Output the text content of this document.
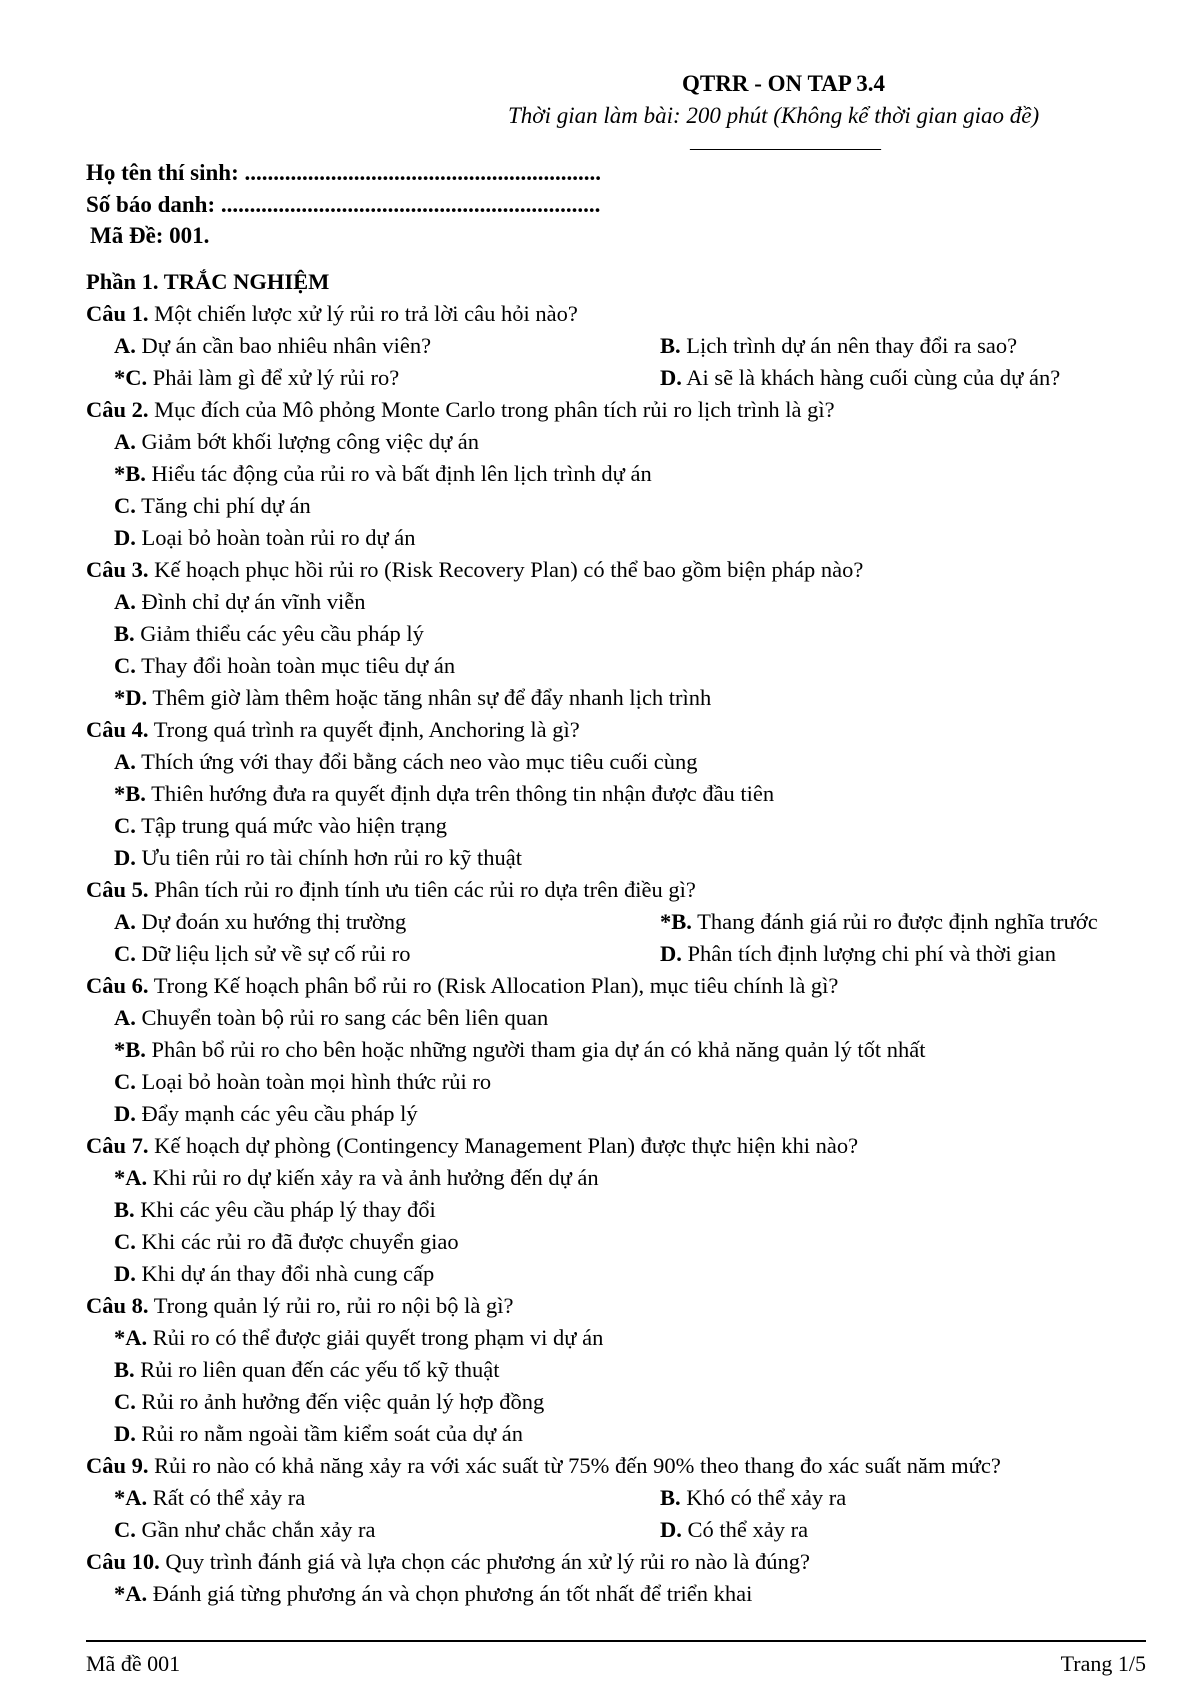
QTRR - ON TAP 3.4
Thời gian làm bài: 200 phút (Không kể thời gian giao đề)
——————————
Họ tên thí sinh: ..............................................................
Số báo danh: ..................................................................
Mã Đề: 001.
Phần 1. TRẮC NGHIỆM
Câu 1. Một chiến lược xử lý rủi ro trả lời câu hỏi nào?
A. Dự án cần bao nhiêu nhân viên?	B. Lịch trình dự án nên thay đổi ra sao?
*C. Phải làm gì để xử lý rủi ro?	D. Ai sẽ là khách hàng cuối cùng của dự án?
Câu 2. Mục đích của Mô phỏng Monte Carlo trong phân tích rủi ro lịch trình là gì?
A. Giảm bớt khối lượng công việc dự án
*B. Hiểu tác động của rủi ro và bất định lên lịch trình dự án
C. Tăng chi phí dự án
D. Loại bỏ hoàn toàn rủi ro dự án
Câu 3. Kế hoạch phục hồi rủi ro (Risk Recovery Plan) có thể bao gồm biện pháp nào?
A. Đình chỉ dự án vĩnh viễn
B. Giảm thiểu các yêu cầu pháp lý
C. Thay đổi hoàn toàn mục tiêu dự án
*D. Thêm giờ làm thêm hoặc tăng nhân sự để đẩy nhanh lịch trình
Câu 4. Trong quá trình ra quyết định, Anchoring là gì?
A. Thích ứng với thay đổi bằng cách neo vào mục tiêu cuối cùng
*B. Thiên hướng đưa ra quyết định dựa trên thông tin nhận được đầu tiên
C. Tập trung quá mức vào hiện trạng
D. Ưu tiên rủi ro tài chính hơn rủi ro kỹ thuật
Câu 5. Phân tích rủi ro định tính ưu tiên các rủi ro dựa trên điều gì?
A. Dự đoán xu hướng thị trường	*B. Thang đánh giá rủi ro được định nghĩa trước
C. Dữ liệu lịch sử về sự cố rủi ro	D. Phân tích định lượng chi phí và thời gian
Câu 6. Trong Kế hoạch phân bổ rủi ro (Risk Allocation Plan), mục tiêu chính là gì?
A. Chuyển toàn bộ rủi ro sang các bên liên quan
*B. Phân bổ rủi ro cho bên hoặc những người tham gia dự án có khả năng quản lý tốt nhất
C. Loại bỏ hoàn toàn mọi hình thức rủi ro
D. Đẩy mạnh các yêu cầu pháp lý
Câu 7. Kế hoạch dự phòng (Contingency Management Plan) được thực hiện khi nào?
*A. Khi rủi ro dự kiến xảy ra và ảnh hưởng đến dự án
B. Khi các yêu cầu pháp lý thay đổi
C. Khi các rủi ro đã được chuyển giao
D. Khi dự án thay đổi nhà cung cấp
Câu 8. Trong quản lý rủi ro, rủi ro nội bộ là gì?
*A. Rủi ro có thể được giải quyết trong phạm vi dự án
B. Rủi ro liên quan đến các yếu tố kỹ thuật
C. Rủi ro ảnh hưởng đến việc quản lý hợp đồng
D. Rủi ro nằm ngoài tầm kiểm soát của dự án
Câu 9. Rủi ro nào có khả năng xảy ra với xác suất từ 75% đến 90% theo thang đo xác suất năm mức?
*A. Rất có thể xảy ra	B. Khó có thể xảy ra
C. Gần như chắc chắn xảy ra	D. Có thể xảy ra
Câu 10. Quy trình đánh giá và lựa chọn các phương án xử lý rủi ro nào là đúng?
*A. Đánh giá từng phương án và chọn phương án tốt nhất để triển khai
Mã đề 001	Trang 1/5
